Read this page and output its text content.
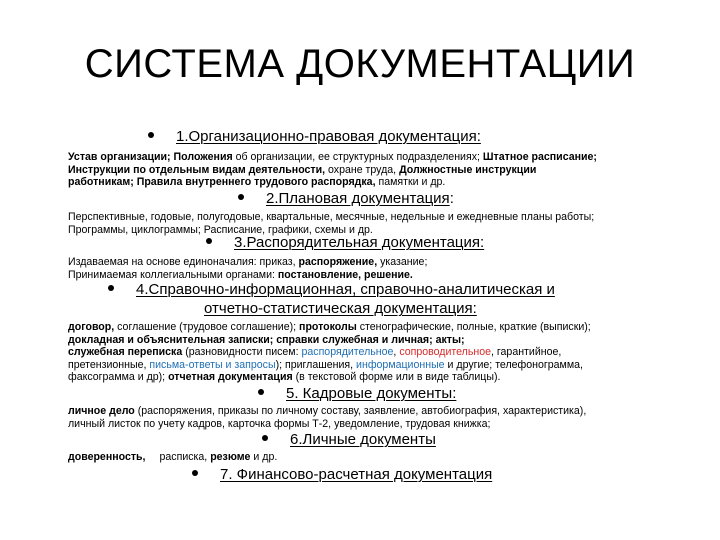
СИСТЕМА ДОКУМЕНТАЦИИ
1.Организационно-правовая документация:
Устав организации; Положения об организации, ее структурных подразделениях; Штатное расписание;
Инструкции по отдельным видам деятельности, охране труда, Должностные инструкции
работникам; Правила внутреннего трудового распорядка, памятки и др.
2.Плановая документация:
Перспективные, годовые, полугодовые, квартальные, месячные, недельные и ежедневные планы работы;
Программы, циклограммы; Расписание, графики, схемы и др.
3.Распорядительная документация:
Издаваемая на основе единоначалия: приказ, распоряжение, указание;
Принимаемая коллегиальными органами: постановление, решение.
4.Справочно-информационная, справочно-аналитическая и
отчетно-статистическая документация:
договор, соглашение (трудовое соглашение); протоколы стенографические, полные, краткие (выписки);
докладная и объяснительная записки; справки служебная и личная; акты;
служебная переписка (разновидности писем: распорядительное, сопроводительное, гарантийное,
претензионные, письма-ответы и запросы); приглашения, информационные и другие; телефонограмма,
факсограмма и др); отчетная документация (в текстовой форме или в виде таблицы).
5. Кадровые документы:
личное дело (распоряжения, приказы по личному составу, заявление, автобиография, характеристика),
личный листок по учету кадров, карточка формы Т-2, уведомление, трудовая книжка;
6.Личные документы
доверенность, расписка, резюме и др.
7. Финансово-расчетная документация
